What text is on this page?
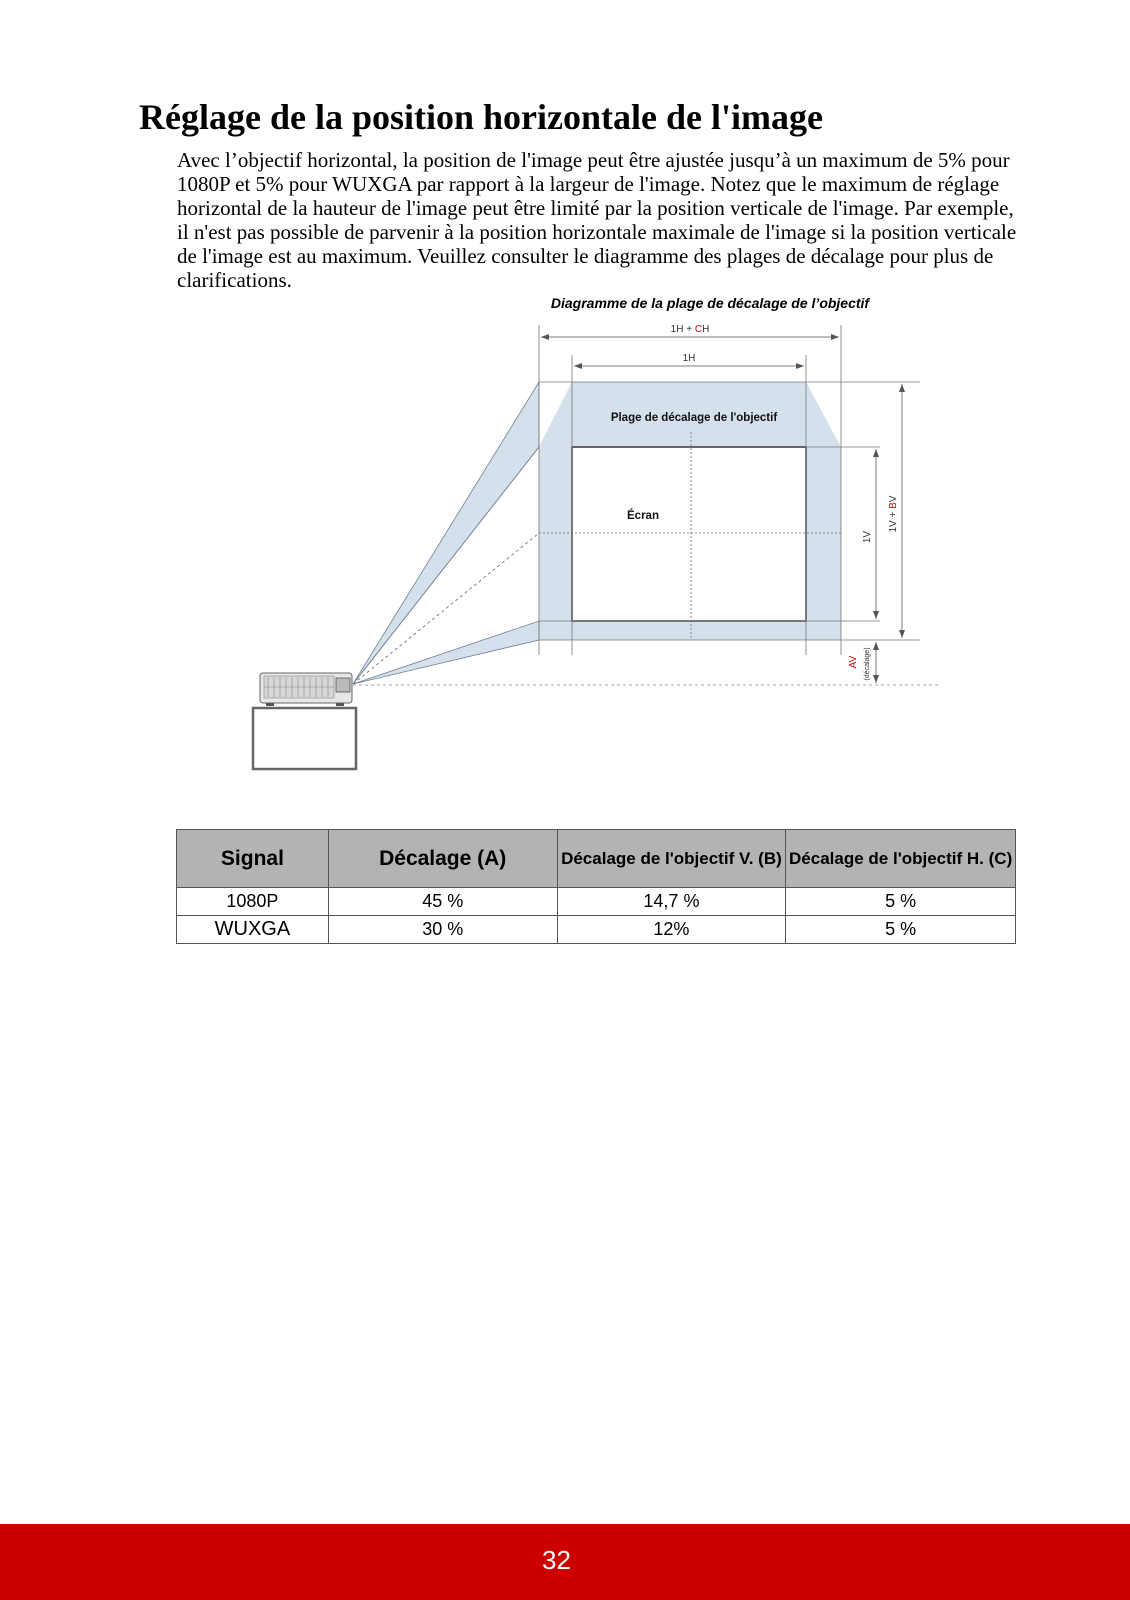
Réglage de la position horizontale de l'image

Avec l’objectif horizontal, la position de l'image peut être ajustée jusqu’à un maximum de 5% pour 1080P et 5% pour WUXGA par rapport à la largeur de l'image. Notez que le maximum de réglage horizontal de la hauteur de l'image peut être limité par la position verticale de l'image. Par exemple, il n'est pas possible de parvenir à la position horizontale maximale de l'image si la position verticale de l'image est au maximum. Veuillez consulter le diagramme des plages de décalage pour plus de clarifications.

Diagramme de la plage de décalage de l’objectif
1H + CH
1H
Plage de décalage de l'objectif
Écran
1V
1V + BV
AV (décalage)
Signal	Décalage (A)	Décalage de l'objectif V. (B)	Décalage de l'objectif H. (C)
1080P	45 %	14,7 %	5 %
WUXGA	30 %	12%	5 %
32
